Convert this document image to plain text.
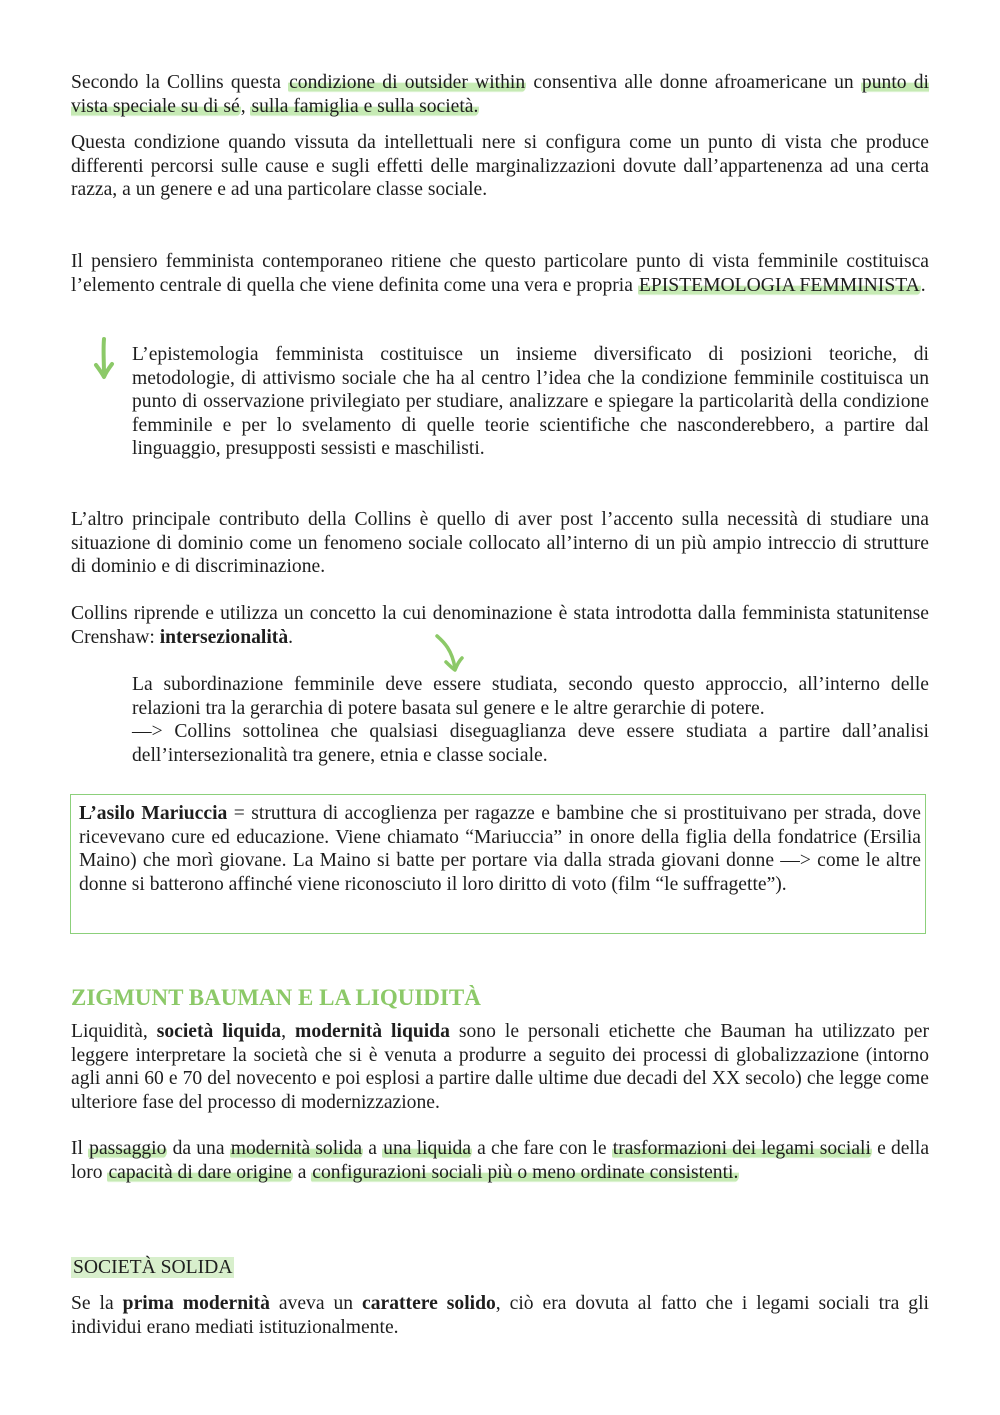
Secondo la Collins questa condizione di outsider within consentiva alle donne afroamericane un punto di vista speciale su di sé, sulla famiglia e sulla società.

Questa condizione quando vissuta da intellettuali nere si configura come un punto di vista che produce differenti percorsi sulle cause e sugli effetti delle marginalizzazioni dovute dall’appartenenza ad una certa razza, a un genere e ad una particolare classe sociale.

Il pensiero femminista contemporaneo ritiene che questo particolare punto di vista femminile costituisca l’elemento centrale di quella che viene definita come una vera e propria EPISTEMOLOGIA FEMMINISTA.

L’epistemologia femminista costituisce un insieme diversificato di posizioni teoriche, di metodologie, di attivismo sociale che ha al centro l’idea che la condizione femminile costituisca un punto di osservazione privilegiato per studiare, analizzare e spiegare la particolarità della condizione femminile e per lo svelamento di quelle teorie scientifiche che nasconderebbero, a partire dal linguaggio, presupposti sessisti e maschilisti.

L’altro principale contributo della Collins è quello di aver post l’accento sulla necessità di studiare una situazione di dominio come un fenomeno sociale collocato all’interno di un più ampio intreccio di strutture di dominio e di discriminazione.

Collins riprende e utilizza un concetto la cui denominazione è stata introdotta dalla femminista statunitense Crenshaw: intersezionalità.

La subordinazione femminile deve essere studiata, secondo questo approccio, all’interno delle relazioni tra la gerarchia di potere basata sul genere e le altre gerarchie di potere.
—> Collins sottolinea che qualsiasi diseguaglianza deve essere studiata a partire dall’analisi dell’intersezionalità tra genere, etnia e classe sociale.

L’asilo Mariuccia = struttura di accoglienza per ragazze e bambine che si prostituivano per strada, dove ricevevano cure ed educazione. Viene chiamato “Mariuccia” in onore della figlia della fondatrice (Ersilia Maino) che morì giovane. La Maino si batte per portare via dalla strada giovani donne —> come le altre donne si batterono affinché viene riconosciuto il loro diritto di voto (film “le suffragette”).

ZIGMUNT BAUMAN E LA LIQUIDITÀ

Liquidità, società liquida, modernità liquida sono le personali etichette che Bauman ha utilizzato per leggere interpretare la società che si è venuta a produrre a seguito dei processi di globalizzazione (intorno agli anni 60 e 70 del novecento e poi esplosi a partire dalle ultime due decadi del XX secolo) che legge come ulteriore fase del processo di modernizzazione.

Il passaggio da una modernità solida a una liquida a che fare con le trasformazioni dei legami sociali e della loro capacità di dare origine a configurazioni sociali più o meno ordinate consistenti.

SOCIETÀ SOLIDA

Se la prima modernità aveva un carattere solido, ciò era dovuta al fatto che i legami sociali tra gli individui erano mediati istituzionalmente.
